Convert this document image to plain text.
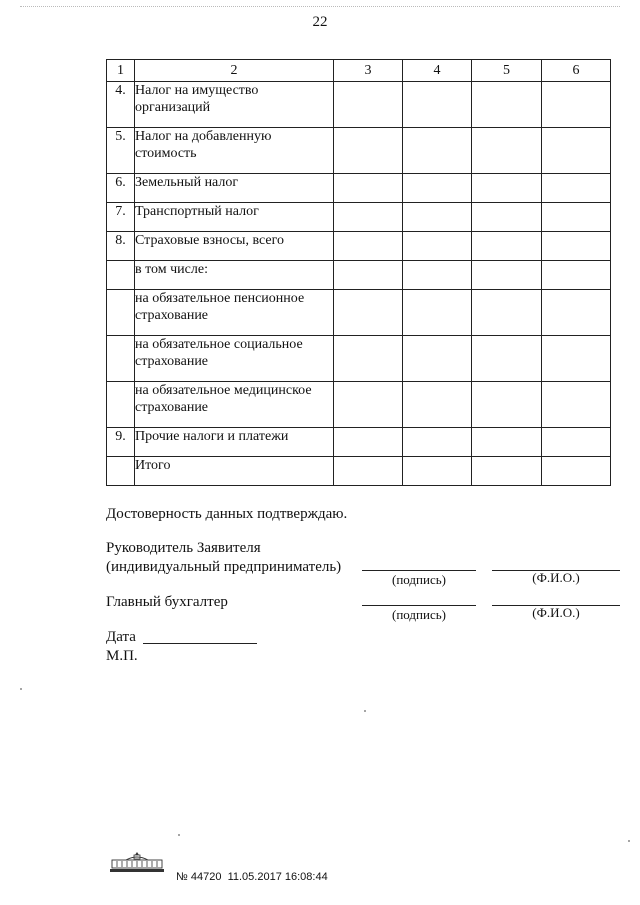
22
1	2	3	4	5	6
4.	Налог на имущество
организаций				

5.	Налог на добавленную
стоимость				

6.	Земельный налог				

7.	Транспортный налог				

8.	Страховые взносы, всего				

	в том числе:				

	на обязательное пенсионное
страхование				

	на обязательное социальное
страхование				

	на обязательное медицинское
страхование				

9.	Прочие налоги и платежи				

	Итого				

Достоверность данных подтверждаю.
Руководитель Заявителя
(индивидуальный предприниматель)
(подпись)	(Ф.И.О.)
Главный бухгалтер
(подпись)	(Ф.И.О.)
Дата
М.П.
№ 44720 11.05.2017 16:08:44
